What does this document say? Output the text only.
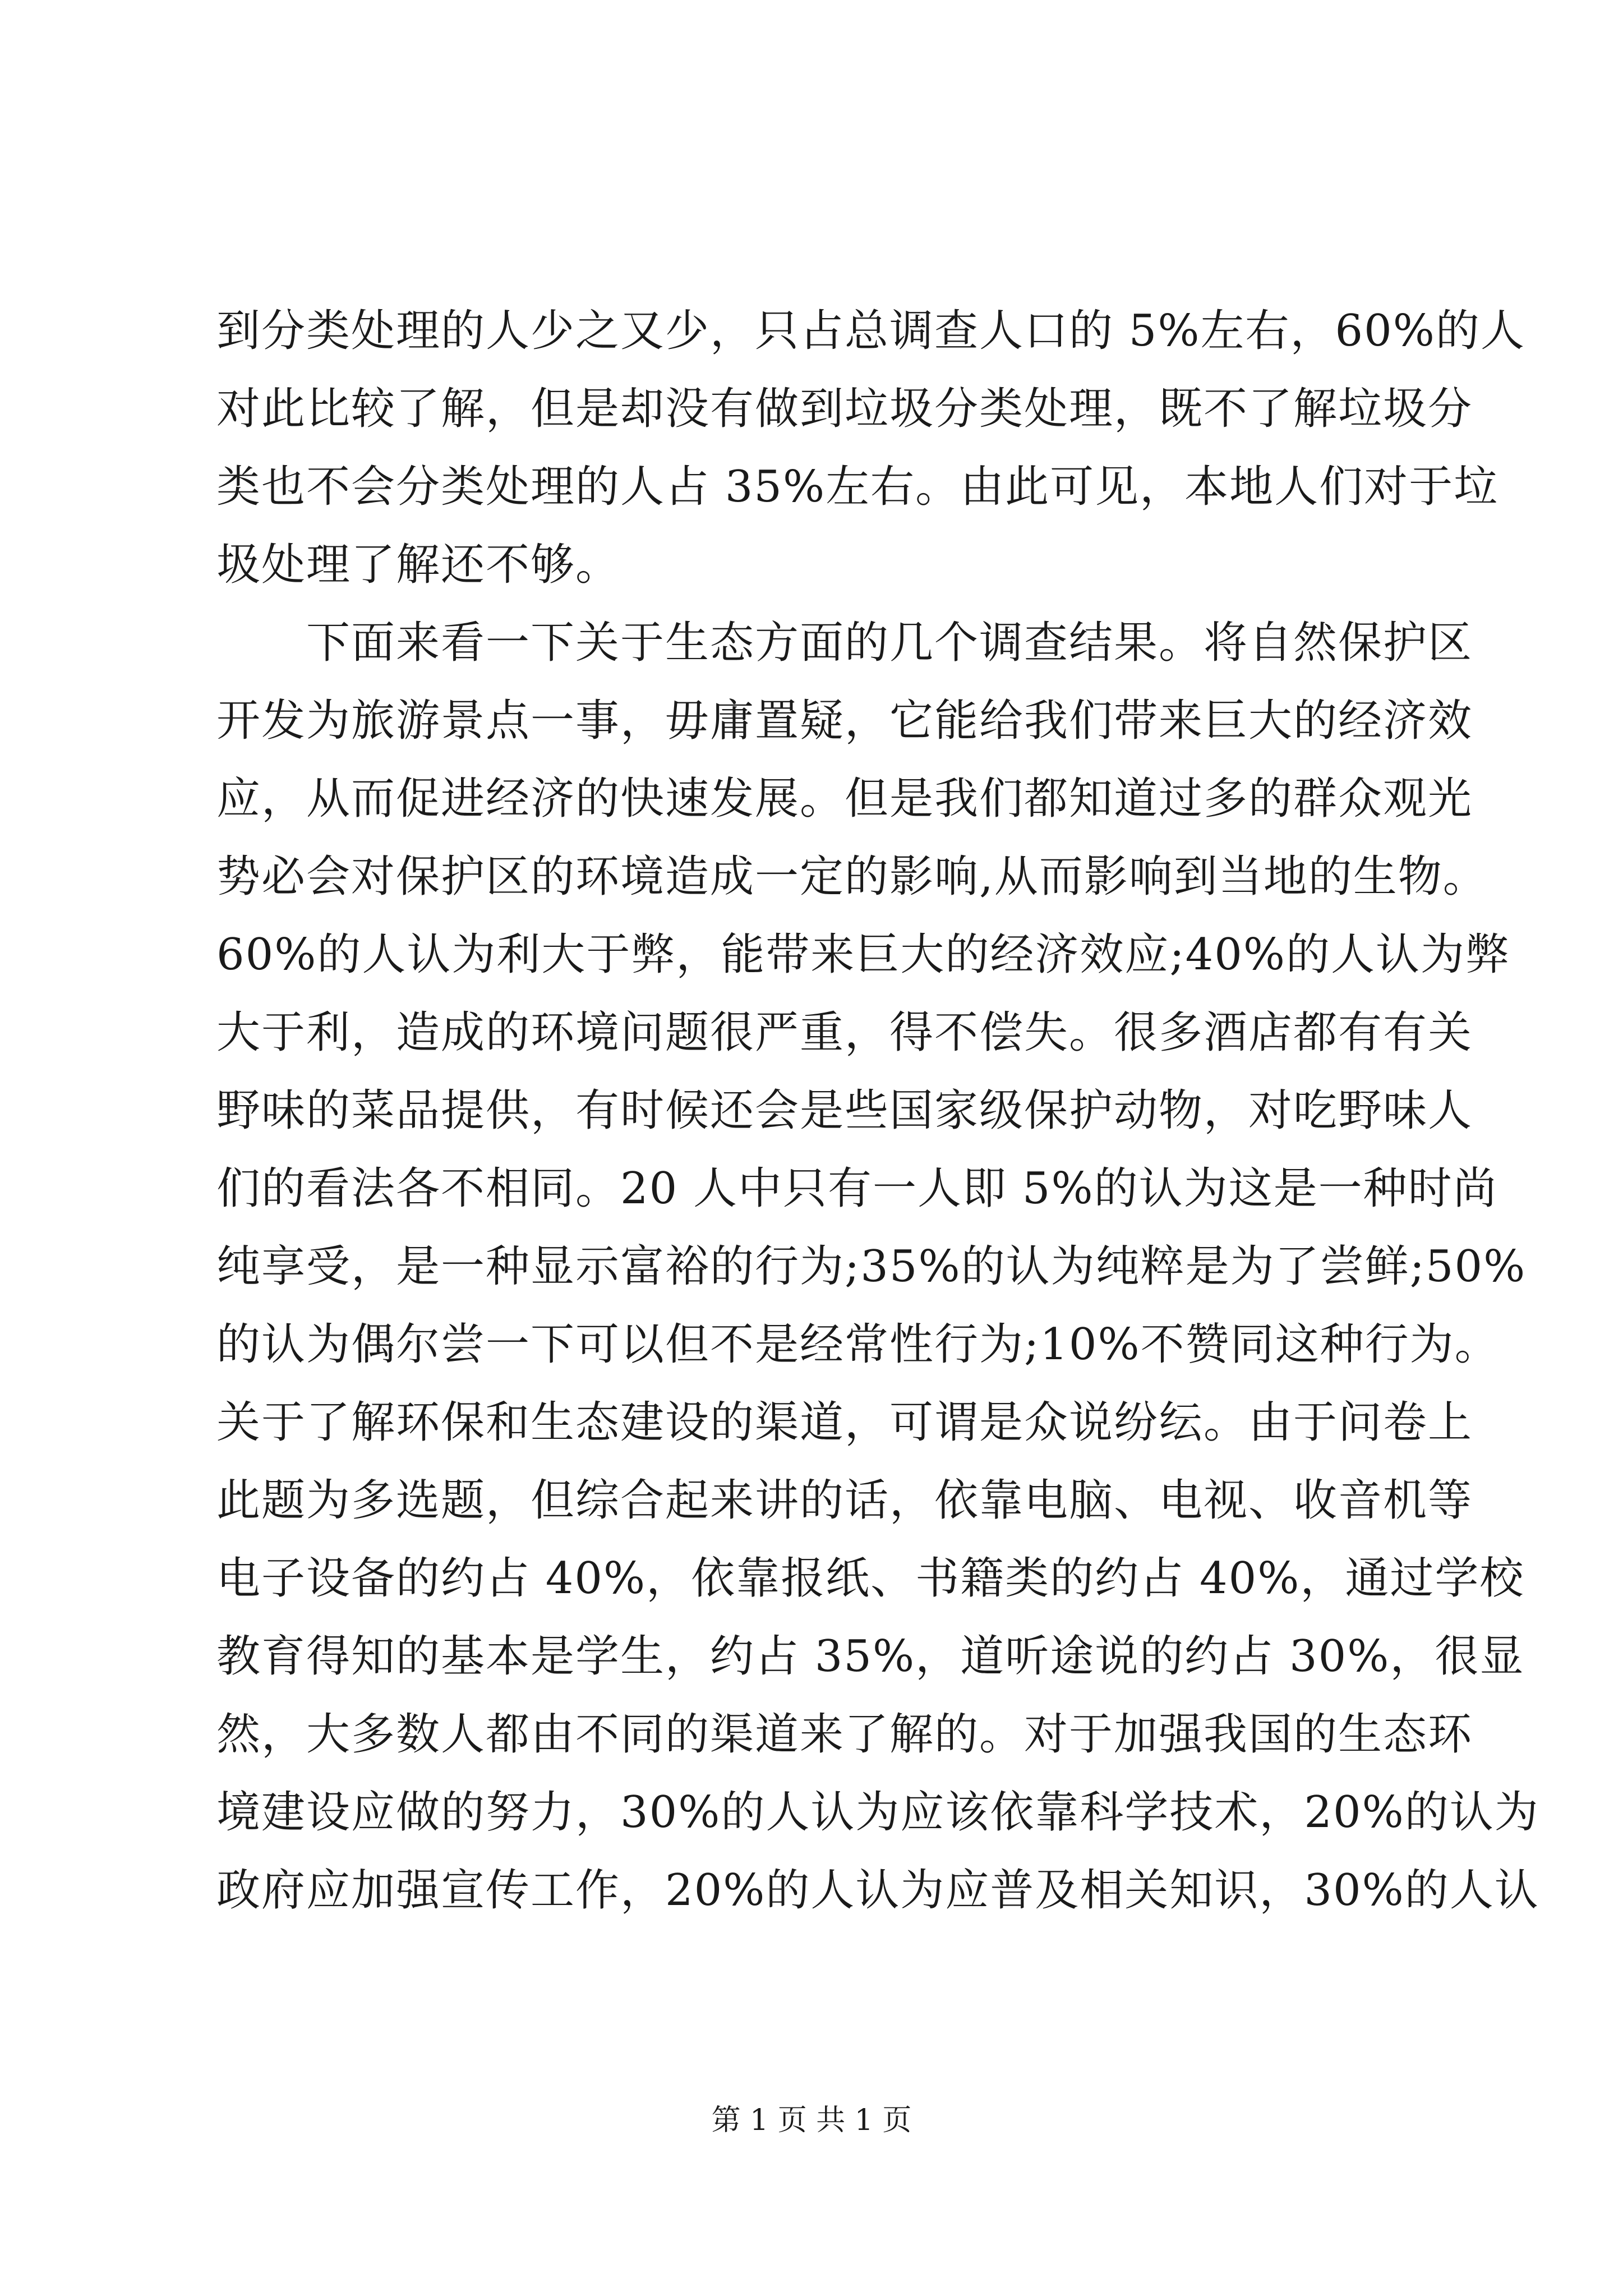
到分类处理的人少之又少，只占总调查人口的 5%左右，60%的人
对此比较了解，但是却没有做到垃圾分类处理，既不了解垃圾分
类也不会分类处理的人占 35%左右。由此可见，本地人们对于垃
圾处理了解还不够。
　　下面来看一下关于生态方面的几个调查结果。将自然保护区
开发为旅游景点一事，毋庸置疑，它能给我们带来巨大的经济效
应，从而促进经济的快速发展。但是我们都知道过多的群众观光
势必会对保护区的环境造成一定的影响,从而影响到当地的生物。
60%的人认为利大于弊，能带来巨大的经济效应;40%的人认为弊
大于利，造成的环境问题很严重，得不偿失。很多酒店都有有关
野味的菜品提供，有时候还会是些国家级保护动物，对吃野味人
们的看法各不相同。20 人中只有一人即 5%的认为这是一种时尚
纯享受，是一种显示富裕的行为;35%的认为纯粹是为了尝鲜;50%
的认为偶尔尝一下可以但不是经常性行为;10%不赞同这种行为。
关于了解环保和生态建设的渠道，可谓是众说纷纭。由于问卷上
此题为多选题，但综合起来讲的话，依靠电脑、电视、收音机等
电子设备的约占 40%，依靠报纸、书籍类的约占 40%，通过学校
教育得知的基本是学生，约占 35%，道听途说的约占 30%，很显
然，大多数人都由不同的渠道来了解的。对于加强我国的生态环
境建设应做的努力，30%的人认为应该依靠科学技术，20%的认为
政府应加强宣传工作，20%的人认为应普及相关知识，30%的人认
第 1 页 共 1 页
